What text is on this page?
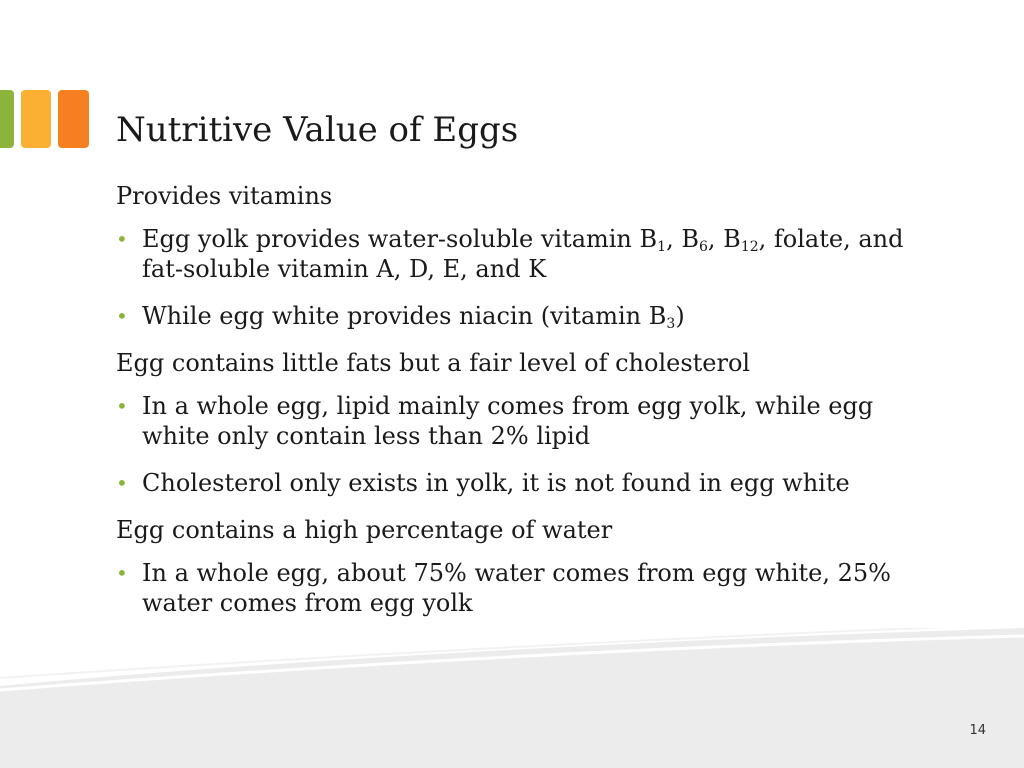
Nutritive Value of Eggs
Provides vitamins
• Egg yolk provides water-soluble vitamin $B_1$, $B_6$, $B_{12}$, folate, and fat-soluble vitamin A, D, E, and K
• While egg white provides niacin (vitamin $B_3$)
Egg contains little fats but a fair level of cholesterol
• In a whole egg, lipid mainly comes from egg yolk, while egg white only contain less than 2% lipid
• Cholesterol only exists in yolk, it is not found in egg white
Egg contains a high percentage of water
• In a whole egg, about 75% water comes from egg white, 25% water comes from egg yolk
14
